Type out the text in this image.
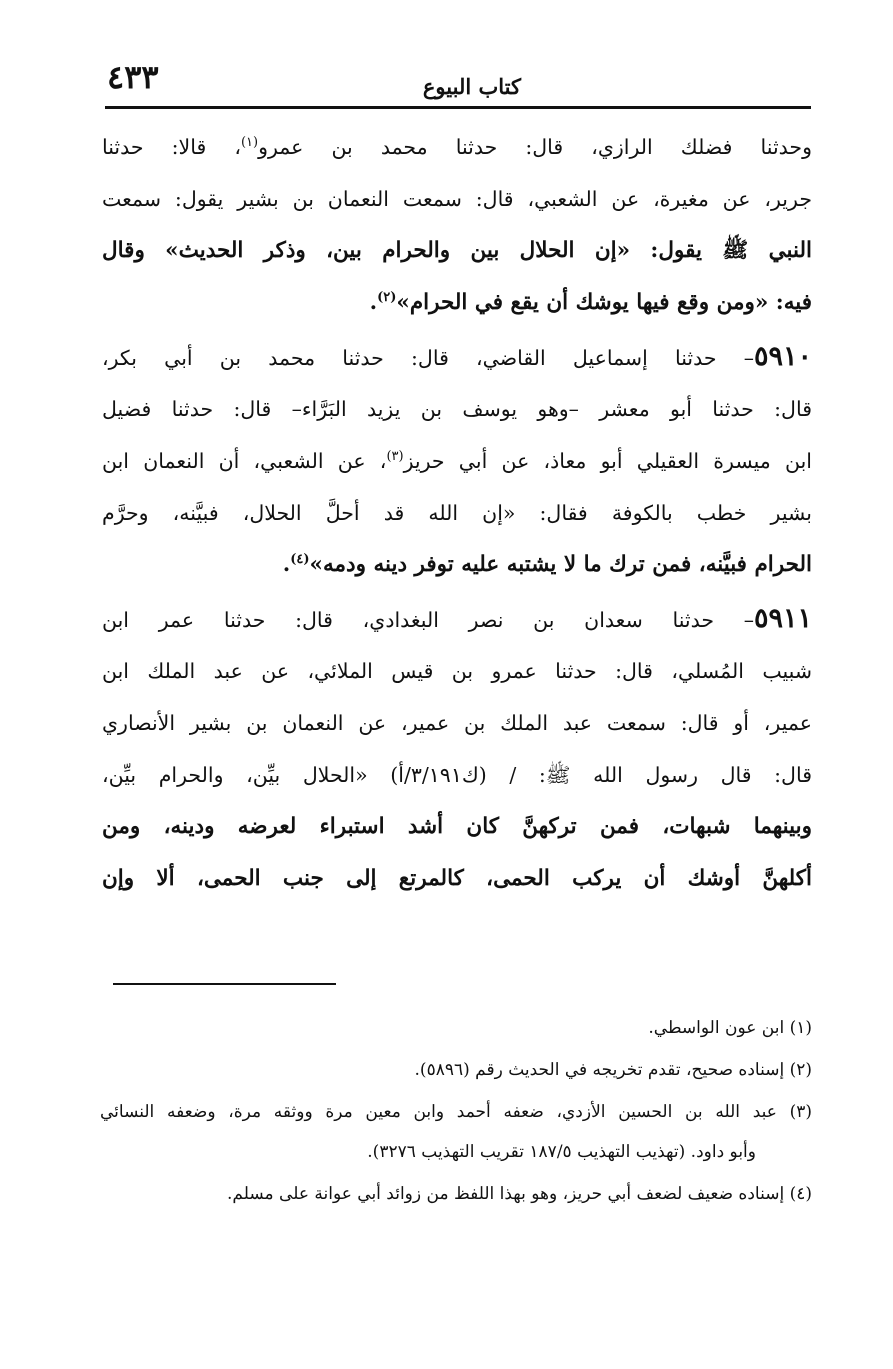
كتاب البيوع
٤٣٣
وحدثنا فضلك الرازي، قال: حدثنا محمد بن عمرو$^{(١)}$، قالا: حدثنا
جرير، عن مغيرة، عن الشعبي، قال: سمعت النعمان بن بشير يقول: سمعت
النبي ﷺ يقول: «إن الحلال بين والحرام بين، وذكر الحديث» وقال
فيه: «ومن وقع فيها يوشك أن يقع في الحرام»$^{(٢)}$.
٥٩١٠– حدثنا إسماعيل القاضي، قال: حدثنا محمد بن أبي بكر،
قال: حدثنا أبو معشر –وهو يوسف بن يزيد البَرَّاء– قال: حدثنا فضيل
ابن ميسرة العقيلي أبو معاذ، عن أبي حريز$^{(٣)}$، عن الشعبي، أن النعمان ابن
بشير خطب بالكوفة فقال: «إن الله قد أحلَّ الحلال، فبيَّنه، وحرَّم
الحرام فبيَّنه، فمن ترك ما لا يشتبه عليه توفر دينه ودمه»$^{(٤)}$.
٥٩١١– حدثنا سعدان بن نصر البغدادي، قال: حدثنا عمر ابن
شبيب المُسلي، قال: حدثنا عمرو بن قيس الملائي، عن عبد الملك ابن
عمير، أو قال: سمعت عبد الملك بن عمير، عن النعمان بن بشير الأنصاري
قال: قال رسول الله ﷺ: / (ك٣/١٩١/أ) «الحلال بيِّن، والحرام بيِّن،
وبينهما شبهات، فمن تركهنَّ كان أشد استبراء لعرضه ودينه، ومن
أكلهنَّ أوشك أن يركب الحمى، كالمرتع إلى جنب الحمى، ألا وإن
(١) ابن عون الواسطي.
(٢) إسناده صحيح، تقدم تخريجه في الحديث رقم (٥٨٩٦).
(٣) عبد الله بن الحسين الأزدي، ضعفه أحمد وابن معين مرة ووثقه مرة، وضعفه النسائي
وأبو داود. (تهذيب التهذيب ١٨٧/٥ تقريب التهذيب ٣٢٧٦).
(٤) إسناده ضعيف لضعف أبي حريز، وهو بهذا اللفظ من زوائد أبي عوانة على مسلم.
